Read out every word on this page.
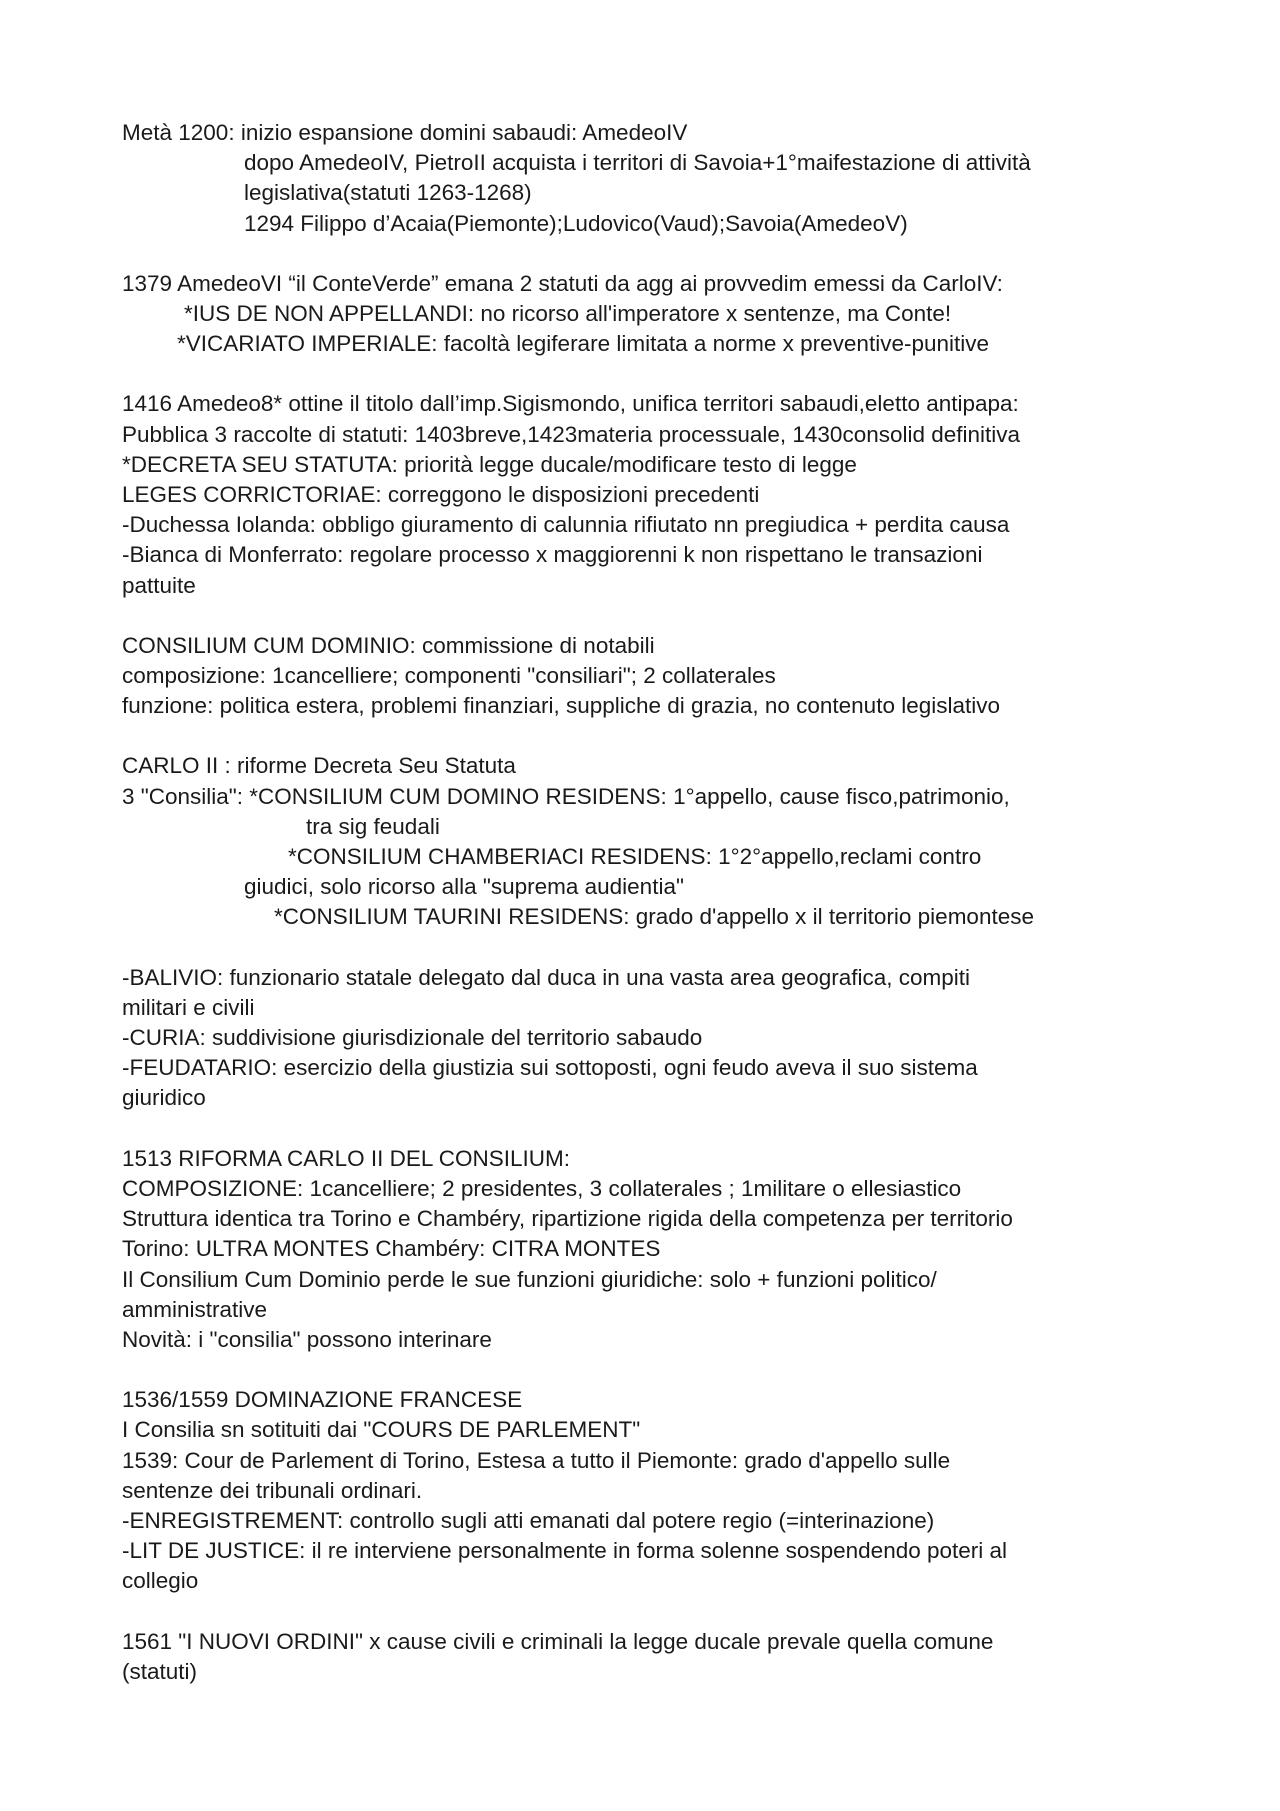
Metà 1200: inizio espansione domini sabaudi: AmedeoIV

dopo AmedeoIV, PietroII acquista i territori di Savoia+1°maifestazione di attività

legislativa(statuti 1263-1268)

1294 Filippo d’Acaia(Piemonte);Ludovico(Vaud);Savoia(AmedeoV)

1379 AmedeoVI “il ConteVerde” emana 2 statuti da agg ai provvedim emessi da CarloIV:

*IUS DE NON APPELLANDI: no ricorso all'imperatore x sentenze, ma Conte!

*VICARIATO IMPERIALE: facoltà legiferare limitata a norme x preventive-punitive

1416 Amedeo8* ottine il titolo dall’imp.Sigismondo, unifica territori sabaudi,eletto antipapa:

Pubblica 3 raccolte di statuti: 1403breve,1423materia processuale, 1430consolid definitiva

*DECRETA SEU STATUTA: priorità legge ducale/modificare testo di legge

LEGES CORRICTORIAE: correggono le disposizioni precedenti

-Duchessa Iolanda: obbligo giuramento di calunnia rifiutato nn pregiudica + perdita causa

-Bianca di Monferrato: regolare processo x maggiorenni k non rispettano le transazioni

pattuite

CONSILIUM CUM DOMINIO: commissione di notabili

composizione: 1cancelliere; componenti "consiliari"; 2 collaterales

funzione: politica estera, problemi finanziari, suppliche di grazia, no contenuto legislativo

CARLO II : riforme Decreta Seu Statuta

3 "Consilia": *CONSILIUM CUM DOMINO RESIDENS: 1°appello, cause fisco,patrimonio,

tra sig feudali

*CONSILIUM CHAMBERIACI RESIDENS: 1°2°appello,reclami contro

giudici, solo ricorso alla "suprema audientia"

*CONSILIUM TAURINI RESIDENS: grado d'appello x il territorio piemontese

-BALIVIO: funzionario statale delegato dal duca in una vasta area geografica, compiti

militari e civili

-CURIA: suddivisione giurisdizionale del territorio sabaudo

-FEUDATARIO: esercizio della giustizia sui sottoposti, ogni feudo aveva il suo sistema

giuridico

1513 RIFORMA CARLO II DEL CONSILIUM:

COMPOSIZIONE: 1cancelliere; 2 presidentes, 3 collaterales ; 1militare o ellesiastico

Struttura identica tra Torino e Chambéry, ripartizione rigida della competenza per territorio

Torino: ULTRA MONTES Chambéry: CITRA MONTES

Il Consilium Cum Dominio perde le sue funzioni giuridiche: solo + funzioni politico/

amministrative

Novità: i "consilia" possono interinare

1536/1559 DOMINAZIONE FRANCESE

I Consilia sn sotituiti dai "COURS DE PARLEMENT"

1539: Cour de Parlement di Torino, Estesa a tutto il Piemonte: grado d'appello sulle

sentenze dei tribunali ordinari.

-ENREGISTREMENT: controllo sugli atti emanati dal potere regio (=interinazione)

-LIT DE JUSTICE: il re interviene personalmente in forma solenne sospendendo poteri al

collegio

1561 "I NUOVI ORDINI" x cause civili e criminali la legge ducale prevale quella comune

(statuti)
